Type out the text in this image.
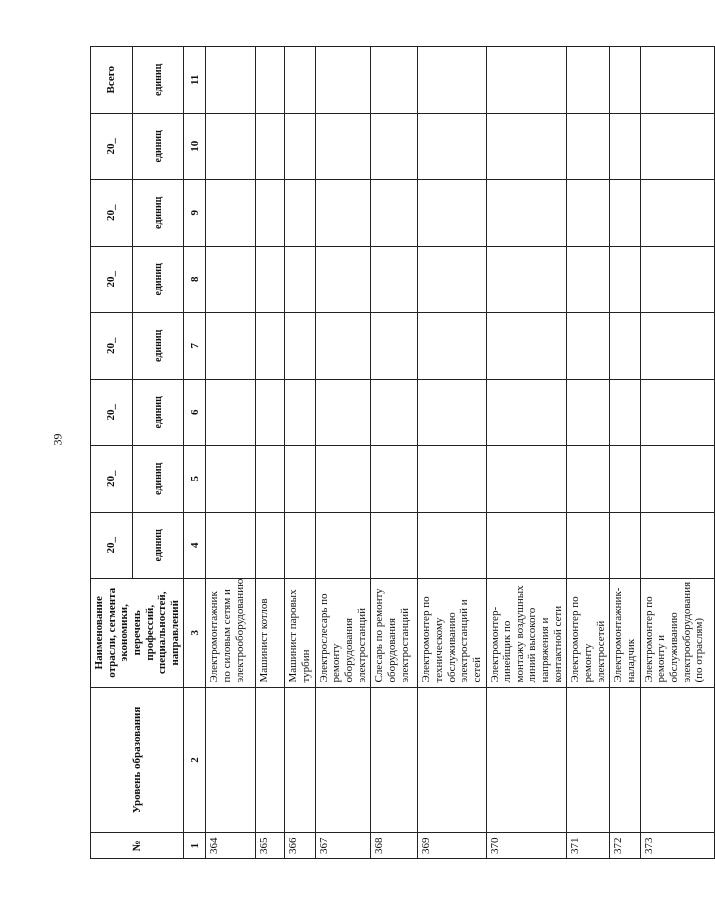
39
№	Уровень образования	Наименование отрасли, сегмента экономики, перечень профессий, специальностей, направлений	20_	20_	20_	20_	20_	20_	20_	Всего
			единиц	единиц	единиц	единиц	единиц	единиц	единиц	единиц
1	2	3	4	5	6	7	8	9	10	11
364		Электромонтажник по силовым сетям и электрооборудованию								
365		Машинист котлов								
366		Машинист паровых турбин								
367		Электрослесарь по ремонту оборудования электростанций								
368		Слесарь по ремонту оборудования электростанций								
369		Электромонтер по техническому обслуживанию электростанций и сетей								
370		Электромонтер-линейщик по монтажу воздушных линий высокого напряжения и контактной сети								
371		Электромонтер по ремонту электросетей								
372		Электромонтажник-наладчик								
373		Электромонтер по ремонту и обслуживанию электрооборудования (по отраслям)								
